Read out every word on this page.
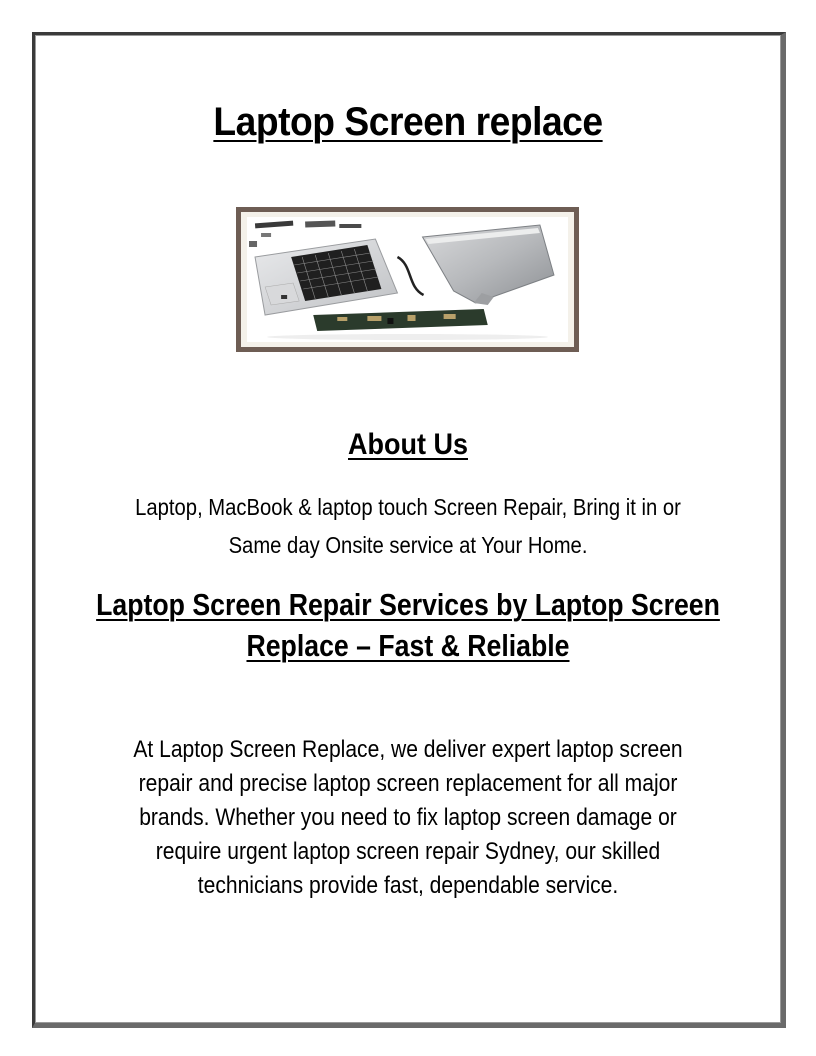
Laptop Screen replace
About Us

Laptop, MacBook & laptop touch Screen Repair, Bring it in or Same day Onsite service at Your Home.

Laptop Screen Repair Services by Laptop Screen Replace – Fast & Reliable

At Laptop Screen Replace, we deliver expert laptop screen repair and precise laptop screen replacement for all major brands. Whether you need to fix laptop screen damage or require urgent laptop screen repair Sydney, our skilled technicians provide fast, dependable service.
